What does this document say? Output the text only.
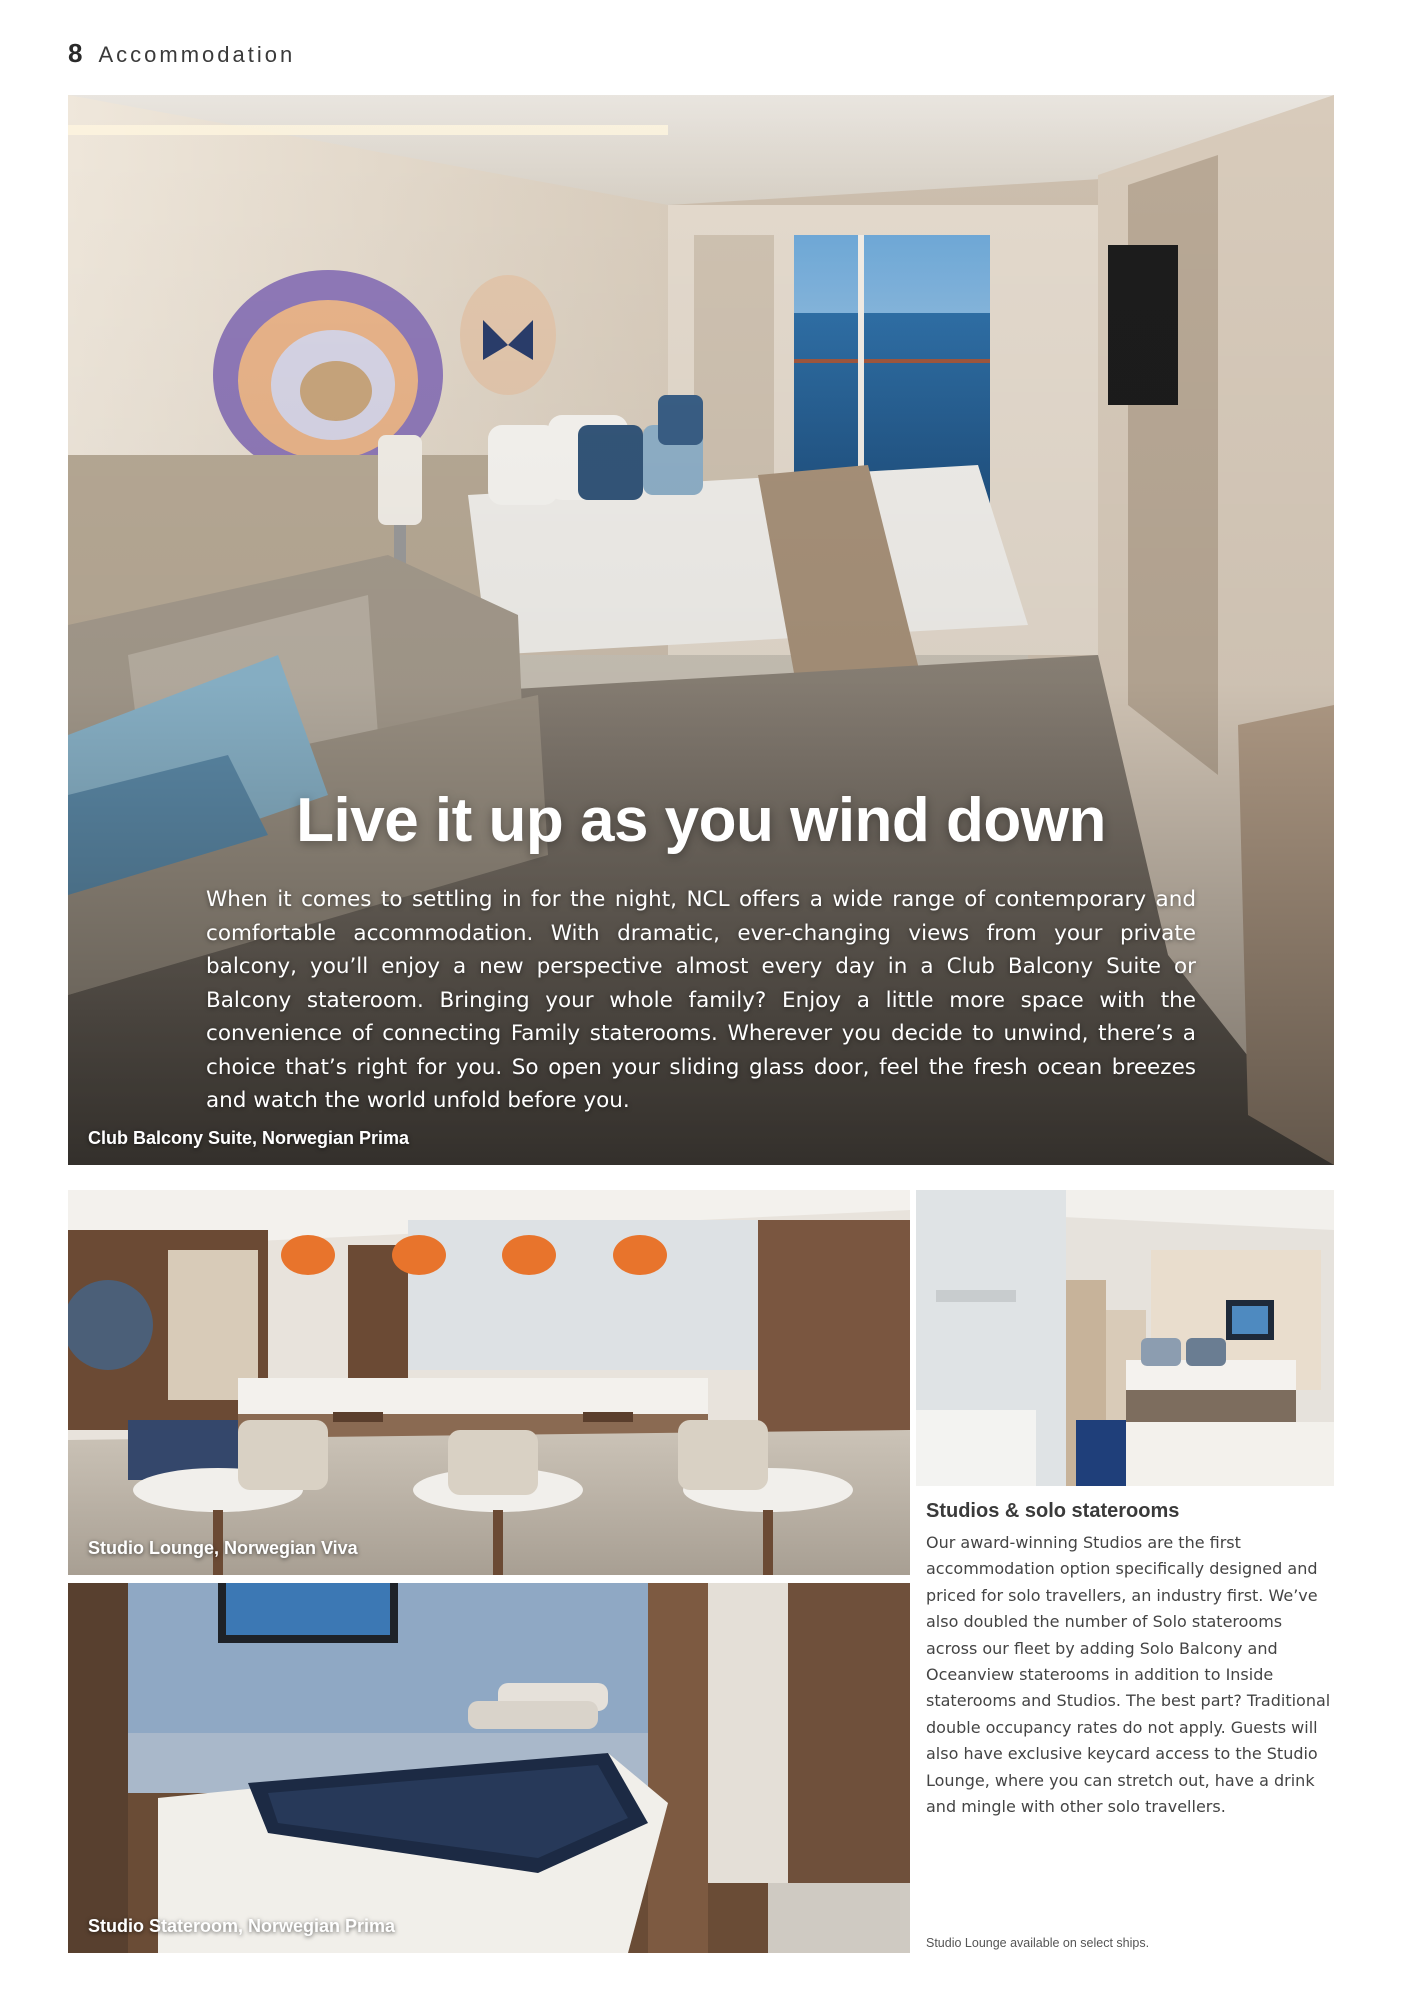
8 Accommodation
Live it up as you wind down

When it comes to settling in for the night, NCL offers a wide range of contemporary and comfortable accommodation. With dramatic, ever-changing views from your private balcony, you’ll enjoy a new perspective almost every day in a Club Balcony Suite or Balcony stateroom. Bringing your whole family? Enjoy a little more space with the convenience of connecting Family staterooms. Wherever you decide to unwind, there’s a choice that’s right for you. So open your sliding glass door, feel the fresh ocean breezes and watch the world unfold before you.

Club Balcony Suite, Norwegian Prima
Studio Lounge, Norwegian Viva
Studio Stateroom, Norwegian Prima
Studios & solo staterooms

Our award-winning Studios are the first accommodation option specifically designed and priced for solo travellers, an industry first. We’ve also doubled the number of Solo staterooms across our fleet by adding Solo Balcony and Oceanview staterooms in addition to Inside staterooms and Studios. The best part? Traditional double occupancy rates do not apply. Guests will also have exclusive keycard access to the Studio Lounge, where you can stretch out, have a drink and mingle with other solo travellers.

Studio Lounge available on select ships.
